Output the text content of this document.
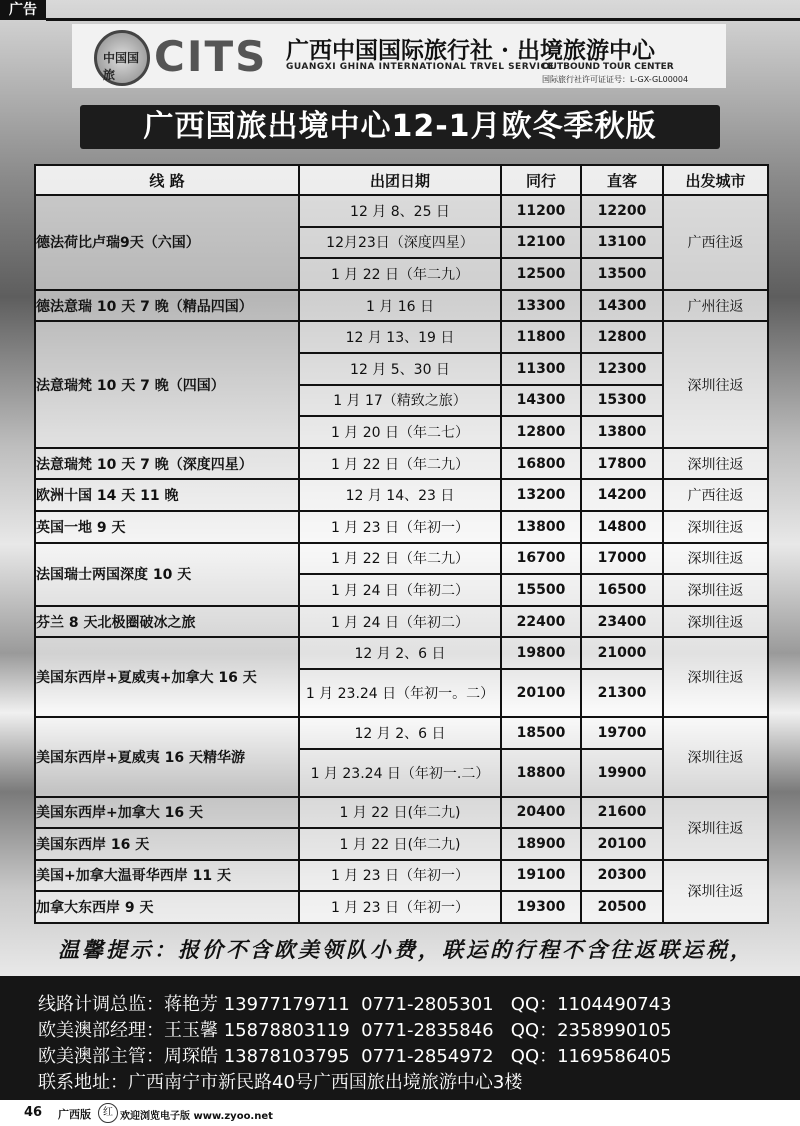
广告
中国国旅 CITS 广西中国国际旅行社 · 出境旅游中心
GUANGXI GHINA INTERNATIONAL TRVEL SERVICE
OUTBOUND TOUR CENTER
国际旅行社许可证证号：L-GX-GL00004
广西国旅出境中心12-1月欧冬季秋版
线 路	出团日期	同行	直客	出发城市
德法荷比卢瑞9天（六国）	12 月 8、25 日	11200	12200	广西往返
	12月23日（深度四星）	12100	13100	
	1 月 22 日（年二九）	12500	13500	
德法意瑞 10 天 7 晚（精品四国）	1 月 16 日	13300	14300	广州往返
法意瑞梵 10 天 7 晚（四国）	12 月 13、19 日	11800	12800	深圳往返
	12 月 5、30 日	11300	12300	
	1 月 17（精致之旅）	14300	15300	
	1 月 20 日（年二七）	12800	13800	
法意瑞梵 10 天 7 晚（深度四星）	1 月 22 日（年二九）	16800	17800	深圳往返
欧洲十国 14 天 11 晚	12 月 14、23 日	13200	14200	广西往返
英国一地 9 天	1 月 23 日（年初一）	13800	14800	深圳往返
法国瑞士两国深度 10 天	1 月 22 日（年二九）	16700	17000	深圳往返
	1 月 24 日（年初二）	15500	16500	深圳往返
芬兰 8 天北极圈破冰之旅	1 月 24 日（年初二）	22400	23400	深圳往返
美国东西岸+夏威夷+加拿大 16 天	12 月 2、6 日	19800	21000	深圳往返
	1 月 23.24 日（年初一。二）	20100	21300	
美国东西岸+夏威夷 16 天精华游	12 月 2、6 日	18500	19700	深圳往返
	1 月 23.24 日（年初一.二）	18800	19900	
美国东西岸+加拿大 16 天	1 月 22 日(年二九)	20400	21600	深圳往返
美国东西岸 16 天	1 月 22 日(年二九)	18900	20100	
美国+加拿大温哥华西岸 11 天	1 月 23 日（年初一）	19100	20300	深圳往返
加拿大东西岸 9 天	1 月 23 日（年初一）	19300	20500	
温馨提示：报价不含欧美领队小费，联运的行程不含往返联运税，
线路计调总监：蒋艳芳 13977179711  0771-2805301   QQ：1104490743
欧美澳部经理：王玉馨 15878803119  0771-2835846   QQ：2358990105
欧美澳部主管：周琛皓 13878103795  0771-2854972   QQ：1169586405
联系地址：广西南宁市新民路40号广西国旅出境旅游中心3楼
46 广西版	红 欢迎浏览电子版 www.zyoo.net
